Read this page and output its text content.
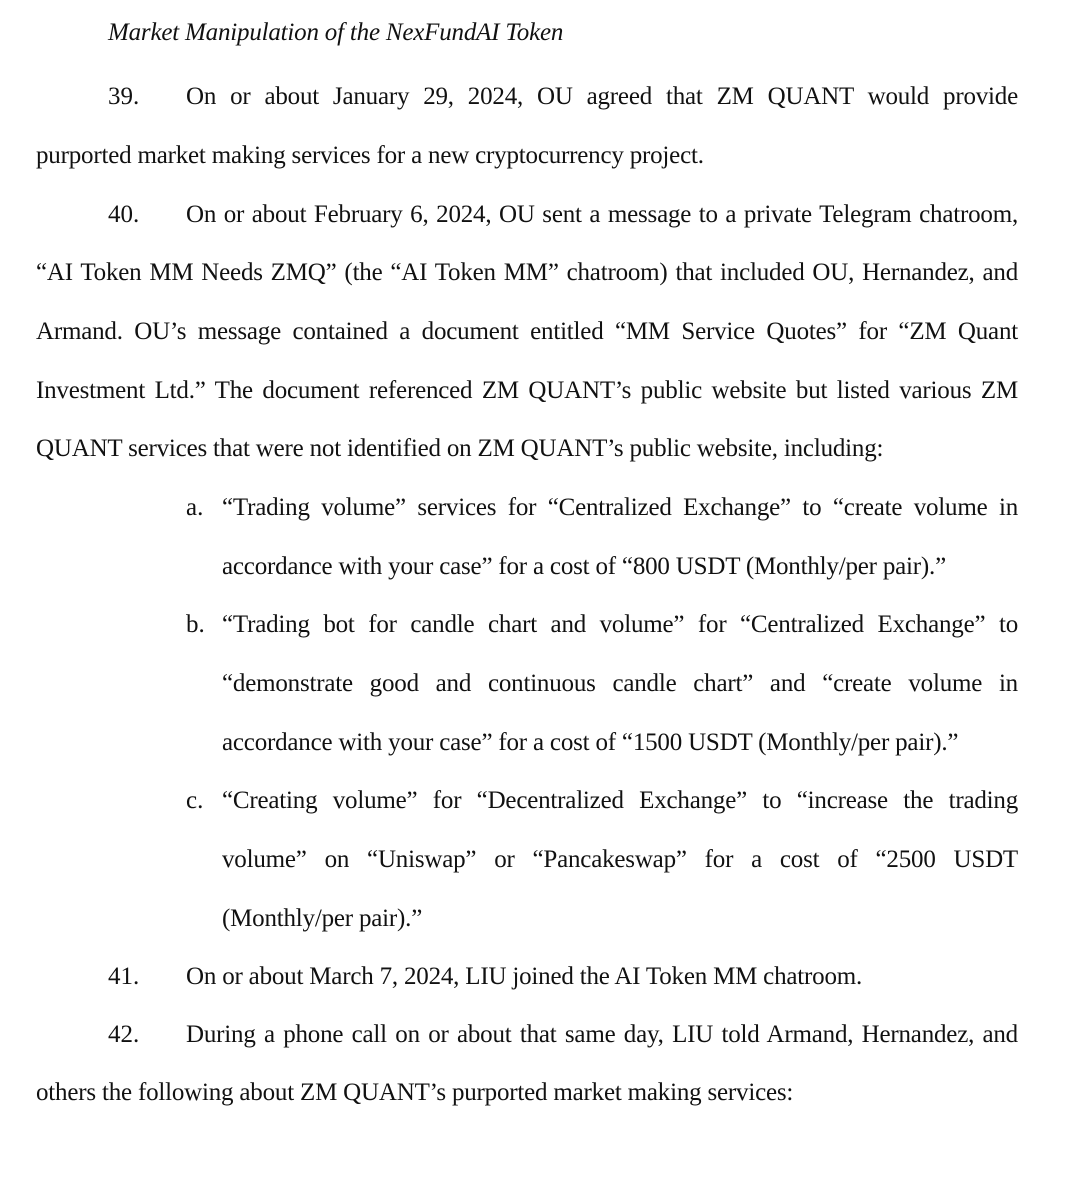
Market Manipulation of the NexFundAI Token
39. On or about January 29, 2024, OU agreed that ZM QUANT would provide
purported market making services for a new cryptocurrency project.
40. On or about February 6, 2024, OU sent a message to a private Telegram chatroom,
“AI Token MM Needs ZMQ” (the “AI Token MM” chatroom) that included OU, Hernandez, and
Armand. OU’s message contained a document entitled “MM Service Quotes” for “ZM Quant
Investment Ltd.” The document referenced ZM QUANT’s public website but listed various ZM
QUANT services that were not identified on ZM QUANT’s public website, including:
a. “Trading volume” services for “Centralized Exchange” to “create volume in
accordance with your case” for a cost of “800 USDT (Monthly/per pair).”
b. “Trading bot for candle chart and volume” for “Centralized Exchange” to
“demonstrate good and continuous candle chart” and “create volume in
accordance with your case” for a cost of “1500 USDT (Monthly/per pair).”
c. “Creating volume” for “Decentralized Exchange” to “increase the trading
volume” on “Uniswap” or “Pancakeswap” for a cost of “2500 USDT
(Monthly/per pair).”
41. On or about March 7, 2024, LIU joined the AI Token MM chatroom.
42. During a phone call on or about that same day, LIU told Armand, Hernandez, and
others the following about ZM QUANT’s purported market making services:
